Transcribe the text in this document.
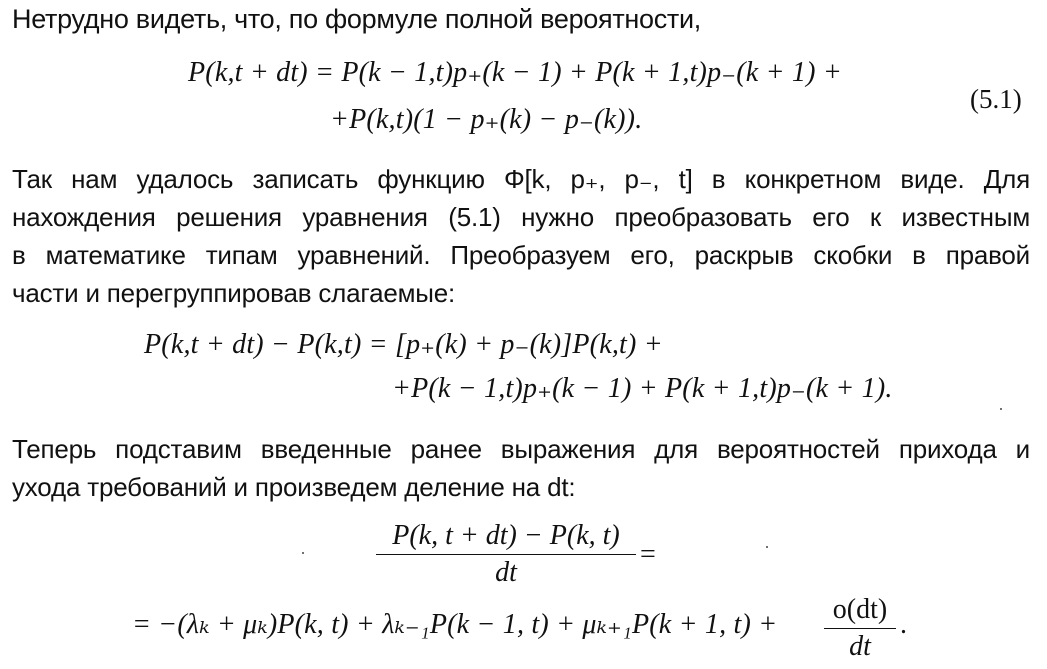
Нетрудно видеть, что, по формуле полной вероятности,
P(k,t + dt) = P(k − 1,t)p₊(k − 1) + P(k + 1,t)p₋(k + 1) +
+P(k,t)(1 − p₊(k) − p₋(k)).
(5.1)
Так нам удалось записать функцию Φ[k, p₊, p₋, t] в конкретном виде. Для
нахождения решения уравнения (5.1) нужно преобразовать его к известным
в математике типам уравнений. Преобразуем его, раскрыв скобки в правой
части и перегруппировав слагаемые:
P(k,t + dt) − P(k,t) = [p₊(k) + p₋(k)]P(k,t) +
+P(k − 1,t)p₊(k − 1) + P(k + 1,t)p₋(k + 1).
Теперь подставим введенные ранее выражения для вероятностей прихода и
ухода требований и произведем деление на dt:
P(k, t + dt) − P(k, t)
dt
=
= −(λₖ + μₖ)P(k, t) + λₖ₋₁P(k − 1, t) + μₖ₊₁P(k + 1, t) +	o(dt)
dt
.
